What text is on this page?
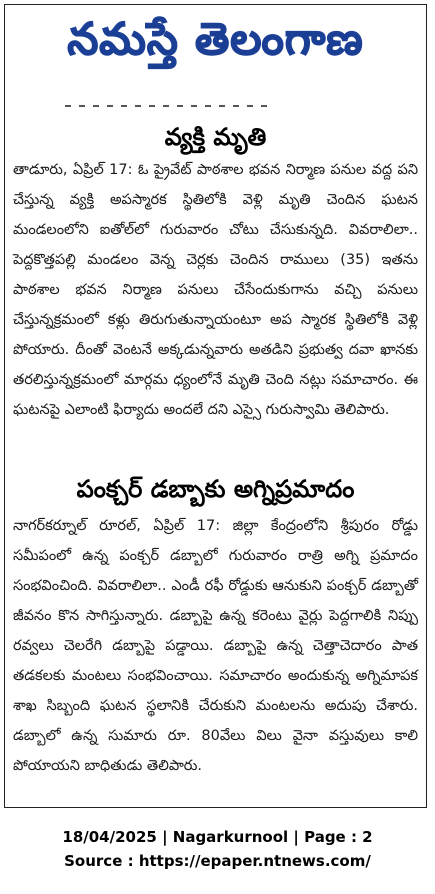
నమస్తే తెలంగాణ
వ్యక్తి మృతి

తాడూరు, ఏప్రిల్ 17: ఓ ప్రైవేట్ పాఠశాల భవన నిర్మాణ పనుల వద్ద పని చేస్తున్న వ్యక్తి అపస్మారక స్థితిలోకి వెళ్లి మృతి చెందిన ఘటన మండలంలోని ఐతోల్‌లో గురువారం చోటు చేసుకున్నది. వివరాలిలా.. పెద్దకొత్తపల్లి మండలం వెన్న చెర్లకు చెందిన రాములు (35) ఇతను పాఠశాల భవన నిర్మాణ పనులు చేసేందుకుగాను వచ్చి పనులు చేస్తున్నక్రమంలో కళ్లు తిరుగుతున్నాయంటూ అప స్మారక స్థితిలోకి వెళ్లి పోయారు. దీంతో వెంటనే అక్కడున్నవారు అతడిని ప్రభుత్వ దవా ఖానకు తరలిస్తున్నక్రమంలో మార్గమ ధ్యంలోనే మృతి చెంది నట్లు సమాచారం. ఈ ఘటనపై ఎలాంటి ఫిర్యాదు అందలే దని ఎస్సై గురుస్వామి తెలిపారు.

పంక్చర్ డబ్బాకు అగ్నిప్రమాదం

నాగర్‌కర్నూల్ రూరల్, ఏప్రిల్ 17: జిల్లా కేంద్రంలోని శ్రీపురం రోడ్డు సమీపంలో ఉన్న పంక్చర్ డబ్బాలో గురువారం రాత్రి అగ్ని ప్రమాదం సంభవించింది. వివరాలిలా.. ఎండీ రఫీ రోడ్డుకు ఆనుకుని పంక్చర్ డబ్బాతో జీవనం కొన సాగిస్తున్నారు. డబ్బాపై ఉన్న కరెంటు వైర్లు పెద్దగాలికి నిప్పు రవ్వలు చెలరేగి డబ్బాపై పడ్డాయి. డబ్బాపై ఉన్న చెత్తాచెదారం పాత తడకలకు మంటలు సంభవించాయి. సమాచారం అందుకున్న అగ్నిమాపక శాఖ సిబ్బంది ఘటన స్థలానికి చేరుకుని మంటలను అదుపు చేశారు. డబ్బాలో ఉన్న సుమారు రూ. 80వేలు విలు వైనా వస్తువులు కాలి పోయాయని బాధితుడు తెలిపారు.

18/04/2025 | Nagarkurnool | Page : 2
Source : https://epaper.ntnews.com/
